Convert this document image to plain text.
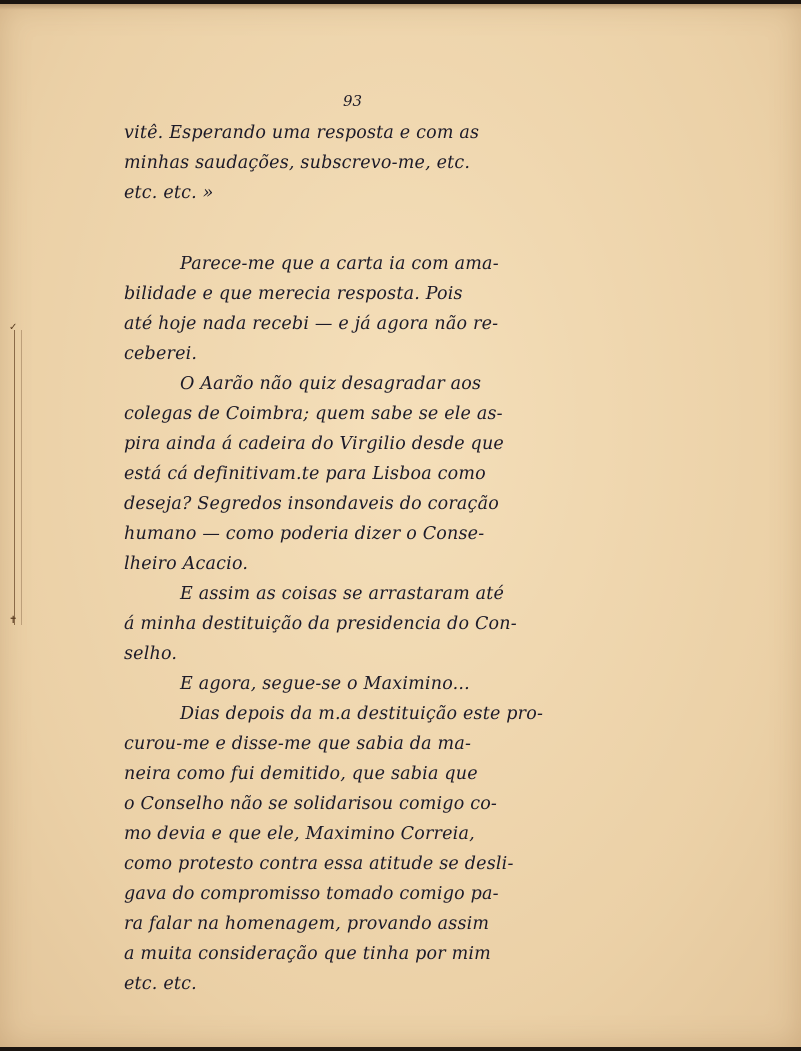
✓
✝
93
vitê. Esperando uma resposta e com as
minhas saudações, subscrevo-me, etc.
etc. etc. »
Parece-me que a carta ia com ama-
bilidade e que merecia resposta. Pois
até hoje nada recebi — e já agora não re-
ceberei.
O Aarão não quiz desagradar aos
colegas de Coimbra; quem sabe se ele as-
pira ainda á cadeira do Virgilio desde que
está cá definitivam.te para Lisboa como
deseja? Segredos insondaveis do coração
humano — como poderia dizer o Conse-
lheiro Acacio.
E assim as coisas se arrastaram até
á minha destituição da presidencia do Con-
selho.
E agora, segue-se o Maximino...
Dias depois da m.a destituição este pro-
curou-me e disse-me que sabia da ma-
neira como fui demitido, que sabia que
o Conselho não se solidarisou comigo co-
mo devia e que ele, Maximino Correia,
como protesto contra essa atitude se desli-
gava do compromisso tomado comigo pa-
ra falar na homenagem, provando assim
a muita consideração que tinha por mim
etc. etc.
